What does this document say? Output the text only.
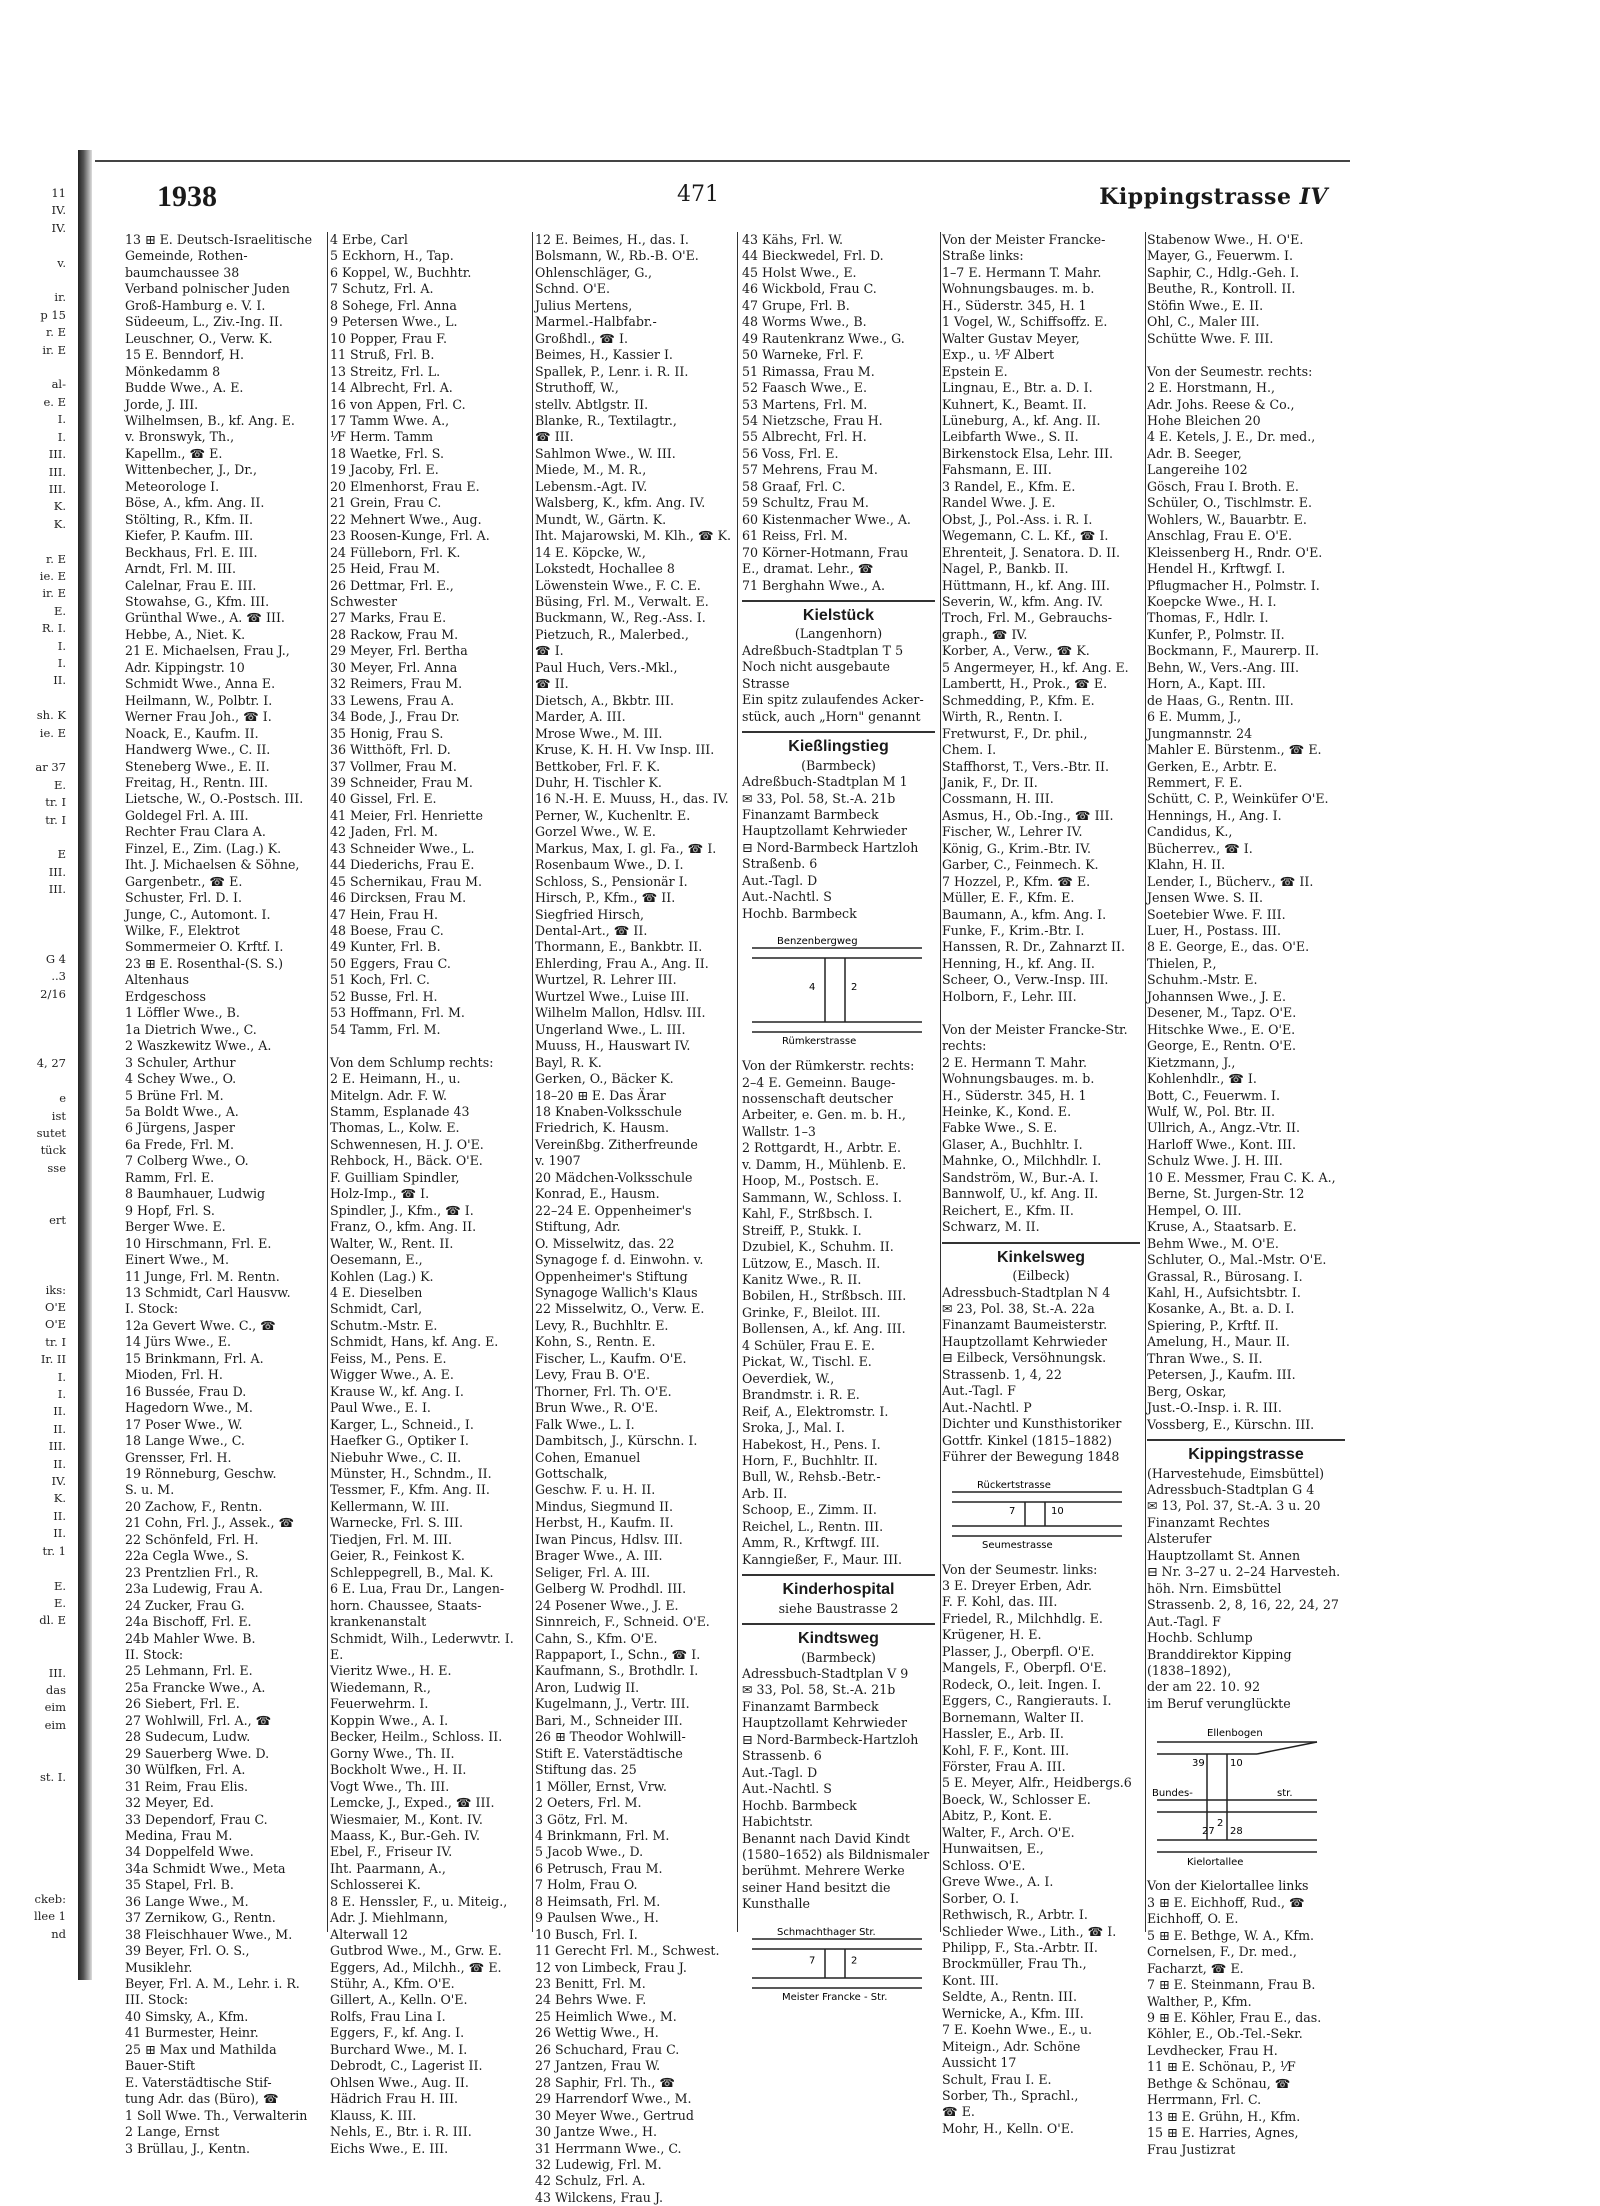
11
IV.
IV.

v.

ir.
p 15
r. E
ir. E

al-
e. E
I.
I.
III.
III.
III.
K.
K.

r. E
ie. E
ir. E
E.
R. I.
I.
I.
II.

sh. K
ie. E

ar 37
E.
tr. I
tr. I

E
III.
III.

G 4
..3
2/16

4, 27

e
ist
sutet
tück
sse

ert

iks:
O'E
O'E
tr. I
Ir. II
I.
I.
II.
II.
III.
II.
IV.
K.
II.
II.
tr. 1

E.
E.
dl. E

III.
das
eim
eim

st. I.

ckeb:
llee 1
nd
1938	471	Kippingstrasse IV
13 ⊞ E. Deutsch-Israelitische
Gemeinde, Rothen-
baumchaussee 38
Verband polnischer Juden
Groß-Hamburg e. V. I.
Südeeum, L., Ziv.-Ing. II.
Leuschner, O., Verw. K.
15 E. Benndorf, H.
Mönkedamm 8
Budde Wwe., A. E.
Jorde, J. III.
Wilhelmsen, B., kf. Ang. E.
v. Bronswyk, Th.,
Kapellm., ☎ E.
Wittenbecher, J., Dr.,
Meteorologe I.
Böse, A., kfm. Ang. II.
Stölting, R., Kfm. II.
Kiefer, P. Kaufm. III.
Beckhaus, Frl. E. III.
Arndt, Frl. M. III.
Calelnar, Frau E. III.
Stowahse, G., Kfm. III.
Grünthal Wwe., A. ☎ III.
Hebbe, A., Niet. K.
21 E. Michaelsen, Frau J.,
Adr. Kippingstr. 10
Schmidt Wwe., Anna E.
Heilmann, W., Polbtr. I.
Werner Frau Joh., ☎ I.
Noack, E., Kaufm. II.
Handwerg Wwe., C. II.
Steneberg Wwe., E. II.
Freitag, H., Rentn. III.
Lietsche, W., O.-Postsch. III.
Goldegel Frl. A. III.
Rechter Frau Clara A.
Finzel, E., Zim. (Lag.) K.
Iht. J. Michaelsen & Söhne,
Gargenbetr., ☎ E.
Schuster, Frl. D. I.
Junge, C., Automont. I.
Wilke, F., Elektrot
Sommermeier O. Krftf. I.
23 ⊞ E. Rosenthal-(S. S.)
Altenhaus
Erdgeschoss
1 Löffler Wwe., B.
1a Dietrich Wwe., C.
2 Waszkewitz Wwe., A.
3 Schuler, Arthur
4 Schey Wwe., O.
5 Brüne Frl. M.
5a Boldt Wwe., A.
6 Jürgens, Jasper
6a Frede, Frl. M.
7 Colberg Wwe., O.
Ramm, Frl. E.
8 Baumhauer, Ludwig
9 Hopf, Frl. S.
Berger Wwe. E.
10 Hirschmann, Frl. E.
Einert Wwe., M.
11 Junge, Frl. M. Rentn.
13 Schmidt, Carl Hausvw.
I. Stock:
12a Gevert Wwe. C., ☎
14 Jürs Wwe., E.
15 Brinkmann, Frl. A.
Mioden, Frl. H.
16 Bussée, Frau D.
Hagedorn Wwe., M.
17 Poser Wwe., W.
18 Lange Wwe., C.
Grensser, Frl. H.
19 Rönneburg, Geschw.
S. u. M.
20 Zachow, F., Rentn.
21 Cohn, Frl. J., Assek., ☎
22 Schönfeld, Frl. H.
22a Cegla Wwe., S.
23 Prentzlien Frl., R.
23a Ludewig, Frau A.
24 Zucker, Frau G.
24a Bischoff, Frl. E.
24b Mahler Wwe. B.
II. Stock:
25 Lehmann, Frl. E.
25a Francke Wwe., A.
26 Siebert, Frl. E.
27 Wohlwill, Frl. A., ☎
28 Sudecum, Ludw.
29 Sauerberg Wwe. D.
30 Wülfken, Frl. A.
31 Reim, Frau Elis.
32 Meyer, Ed.
33 Dependorf, Frau C.
Medina, Frau M.
34 Doppelfeld Wwe.
34a Schmidt Wwe., Meta
35 Stapel, Frl. B.
36 Lange Wwe., M.
37 Zernikow, G., Rentn.
38 Fleischhauer Wwe., M.
39 Beyer, Frl. O. S.,
Musiklehr.
Beyer, Frl. A. M., Lehr. i. R.
III. Stock:
40 Simsky, A., Kfm.
41 Burmester, Heinr.
25 ⊞ Max und Mathilda
Bauer-Stift
E. Vaterstädtische Stif-
tung Adr. das (Büro), ☎
1 Soll Wwe. Th., Verwalterin
2 Lange, Ernst
3 Brüllau, J., Kentn.
4 Erbe, Carl
5 Eckhorn, H., Tap.
6 Koppel, W., Buchhtr.
7 Schutz, Frl. A.
8 Sohege, Frl. Anna
9 Petersen Wwe., L.
10 Popper, Frau F.
11 Struß, Frl. B.
13 Streitz, Frl. L.
14 Albrecht, Frl. A.
16 von Appen, Frl. C.
17 Tamm Wwe. A.,
⅟F Herm. Tamm
18 Waetke, Frl. S.
19 Jacoby, Frl. E.
20 Elmenhorst, Frau E.
21 Grein, Frau C.
22 Mehnert Wwe., Aug.
23 Roosen-Kunge, Frl. A.
24 Fülleborn, Frl. K.
25 Heid, Frau M.
26 Dettmar, Frl. E.,
Schwester
27 Marks, Frau E.
28 Rackow, Frau M.
29 Meyer, Frl. Bertha
30 Meyer, Frl. Anna
32 Reimers, Frau M.
33 Lewens, Frau A.
34 Bode, J., Frau Dr.
35 Honig, Frau S.
36 Witthöft, Frl. D.
37 Vollmer, Frau M.
39 Schneider, Frau M.
40 Gissel, Frl. E.
41 Meier, Frl. Henriette
42 Jaden, Frl. M.
43 Schneider Wwe., L.
44 Diederichs, Frau E.
45 Schernikau, Frau M.
46 Dircksen, Frau M.
47 Hein, Frau H.
48 Boese, Frau C.
49 Kunter, Frl. B.
50 Eggers, Frau C.
51 Koch, Frl. C.
52 Busse, Frl. H.
53 Hoffmann, Frl. M.
54 Tamm, Frl. M.

Von dem Schlump rechts:
2 E. Heimann, H., u.
Mitelgn. Adr. F. W.
Stamm, Esplanade 43
Thomas, L., Kolw. E.
Schwennesen, H. J. O'E.
Rehbock, H., Bäck. O'E.
F. Guilliam Spindler,
Holz-Imp., ☎ I.
Spindler, J., Kfm., ☎ I.
Franz, O., kfm. Ang. II.
Walter, W., Rent. II.
Oesemann, E.,
Kohlen (Lag.) K.
4 E. Dieselben
Schmidt, Carl,
Schutm.-Mstr. E.
Schmidt, Hans, kf. Ang. E.
Feiss, M., Pens. E.
Wigger Wwe., A. E.
Krause W., kf. Ang. I.
Paul Wwe., E. I.
Karger, L., Schneid., I.
Haefker G., Optiker I.
Niebuhr Wwe., C. II.
Münster, H., Schndm., II.
Tessmer, F., Kfm. Ang. II.
Kellermann, W. III.
Warnecke, Frl. S. III.
Tiedjen, Frl. M. III.
Geier, R., Feinkost K.
Schleppegrell, B., Mal. K.
6 E. Lua, Frau Dr., Langen-
horn. Chaussee, Staats-
krankenanstalt
Schmidt, Wilh., Lederwvtr. I.
E.
Vieritz Wwe., H. E.
Wiedemann, R.,
Feuerwehrm. I.
Koppin Wwe., A. I.
Becker, Heilm., Schloss. II.
Gorny Wwe., Th. II.
Bockholt Wwe., H. II.
Vogt Wwe., Th. III.
Lemcke, J., Exped., ☎ III.
Wiesmaier, M., Kont. IV.
Maass, K., Bur.-Geh. IV.
Ebel, F., Friseur IV.
Iht. Paarmann, A.,
Schlosserei K.
8 E. Henssler, F., u. Miteig.,
Adr. J. Miehlmann,
Alterwall 12
Gutbrod Wwe., M., Grw. E.
Eggers, Ad., Milchh., ☎ E.
Stühr, A., Kfm. O'E.
Gillert, A., Kelln. O'E.
Rolfs, Frau Lina I.
Eggers, F., kf. Ang. I.
Burchard Wwe., M. I.
Debrodt, C., Lagerist II.
Ohlsen Wwe., Aug. II.
Hädrich Frau H. III.
Klauss, K. III.
Nehls, E., Btr. i. R. III.
Eichs Wwe., E. III.
12 E. Beimes, H., das. I.
Bolsmann, W., Rb.-B. O'E.
Ohlenschläger, G.,
Schnd. O'E.
Julius Mertens,
Marmel.-Halbfabr.-
Großhdl., ☎ I.
Beimes, H., Kassier I.
Spallek, P., Lenr. i. R. II.
Struthoff, W.,
stellv. Abtlgstr. II.
Blanke, R., Textilagtr.,
☎ III.
Sahlmon Wwe., W. III.
Miede, M., M. R.,
Lebensm.-Agt. IV.
Walsberg, K., kfm. Ang. IV.
Mundt, W., Gärtn. K.
Iht. Majarowski, M. Klh., ☎ K.
14 E. Köpcke, W.,
Lokstedt, Hochallee 8
Löwenstein Wwe., F. C. E.
Büsing, Frl. M., Verwalt. E.
Buckmann, W., Reg.-Ass. I.
Pietzuch, R., Malerbed.,
☎ I.
Paul Huch, Vers.-Mkl.,
☎ II.
Dietsch, A., Bkbtr. III.
Marder, A. III.
Mrose Wwe., M. III.
Kruse, K. H. H. Vw Insp. III.
Bettkober, Frl. F. K.
Duhr, H. Tischler K.
16 N.-H. E. Muuss, H., das. IV.
Perner, W., Kuchenltr. E.
Gorzel Wwe., W. E.
Markus, Max, I. gl. Fa., ☎ I.
Rosenbaum Wwe., D. I.
Schloss, S., Pensionär I.
Hirsch, P., Kfm., ☎ II.
Siegfried Hirsch,
Dental-Art., ☎ II.
Thormann, E., Bankbtr. II.
Ehlerding, Frau A., Ang. II.
Wurtzel, R. Lehrer III.
Wurtzel Wwe., Luise III.
Wilhelm Mallon, Hdlsv. III.
Ungerland Wwe., L. III.
Muuss, H., Hauswart IV.
Bayl, R. K.
Gerken, O., Bäcker K.
18–20 ⊞ E. Das Ärar
18 Knaben-Volksschule
Friedrich, K. Hausm.
Vereinßbg. Zitherfreunde
v. 1907
20 Mädchen-Volksschule
Konrad, E., Hausm.
22–24 E. Oppenheimer's
Stiftung, Adr.
O. Misselwitz, das. 22
Synagoge f. d. Einwohn. v.
Oppenheimer's Stiftung
Synagoge Wallich's Klaus
22 Misselwitz, O., Verw. E.
Levy, R., Buchhltr. E.
Kohn, S., Rentn. E.
Fischer, L., Kaufm. O'E.
Levy, Frau B. O'E.
Thorner, Frl. Th. O'E.
Brun Wwe., R. O'E.
Falk Wwe., L. I.
Dambitsch, J., Kürschn. I.
Cohen, Emanuel
Gottschalk,
Geschw. F. u. H. II.
Mindus, Siegmund II.
Herbst, H., Kaufm. II.
Iwan Pincus, Hdlsv. III.
Brager Wwe., A. III.
Seliger, Frl. A. III.
Gelberg W. Prodhdl. III.
24 Posener Wwe., J. E.
Sinnreich, F., Schneid. O'E.
Cahn, S., Kfm. O'E.
Rappaport, I., Schn., ☎ I.
Kaufmann, S., Brothdlr. I.
Aron, Ludwig II.
Kugelmann, J., Vertr. III.
Bari, M., Schneider III.
26 ⊞ Theodor Wohlwill-
Stift E. Vaterstädtische
Stiftung das. 25
1 Möller, Ernst, Vrw.
2 Oeters, Frl. M.
3 Götz, Frl. M.
4 Brinkmann, Frl. M.
5 Jacob Wwe., D.
6 Petrusch, Frau M.
7 Holm, Frau O.
8 Heimsath, Frl. M.
9 Paulsen Wwe., H.
10 Busch, Frl. I.
11 Gerecht Frl. M., Schwest.
12 von Limbeck, Frau J.
23 Benitt, Frl. M.
24 Behrs Wwe. F.
25 Heimlich Wwe., M.
26 Wettig Wwe., H.
26 Schuchard, Frau C.
27 Jantzen, Frau W.
28 Saphir, Frl. Th., ☎
29 Harrendorf Wwe., M.
30 Meyer Wwe., Gertrud
30 Jantze Wwe., H.
31 Herrmann Wwe., C.
32 Ludewig, Frl. M.
42 Schulz, Frl. A.
43 Wilckens, Frau J.
43 Kähs, Frl. W.
44 Bieckwedel, Frl. D.
45 Holst Wwe., E.
46 Wickbold, Frau C.
47 Grupe, Frl. B.
48 Worms Wwe., B.
49 Rautenkranz Wwe., G.
50 Warneke, Frl. F.
51 Rimassa, Frau M.
52 Faasch Wwe., E.
53 Martens, Frl. M.
54 Nietzsche, Frau H.
55 Albrecht, Frl. H.
56 Voss, Frl. E.
57 Mehrens, Frau M.
58 Graaf, Frl. C.
59 Schultz, Frau M.
60 Kistenmacher Wwe., A.
61 Reiss, Frl. M.
70 Körner-Hotmann, Frau
E., dramat. Lehr., ☎
71 Berghahn Wwe., A.
Kielstück
(Langenhorn)
Adreßbuch-Stadtplan T 5
Noch nicht ausgebaute
Strasse
Ein spitz zulaufendes Acker-
stück, auch „Horn" genannt
Kießlingstieg
(Barmbeck)
Adreßbuch-Stadtplan M 1
✉ 33, Pol. 58, St.-A. 21b
Finanzamt Barmbeck
Hauptzollamt Kehrwieder
⊟ Nord-Barmbeck Hartzloh
Straßenb. 6
Aut.-Tagl. D
Aut.-Nachtl. S
Hochb. Barmbeck
Benzenbergweg
4	2
Rümkerstrasse
Von der Rümkerstr. rechts:
2–4 E. Gemeinn. Bauge-
nossenschaft deutscher
Arbeiter, e. Gen. m. b. H.,
Wallstr. 1–3
2 Rottgardt, H., Arbtr. E.
v. Damm, H., Mühlenb. E.
Hoop, M., Postsch. E.
Sammann, W., Schloss. I.
Kahl, F., Strßbsch. I.
Streiff, P., Stukk. I.
Dzubiel, K., Schuhm. II.
Lützow, E., Masch. II.
Kanitz Wwe., R. II.
Bobilen, H., Strßbsch. III.
Grinke, F., Bleilot. III.
Bollensen, A., kf. Ang. III.
4 Schüler, Frau E. E.
Pickat, W., Tischl. E.
Oeverdiek, W.,
Brandmstr. i. R. E.
Reif, A., Elektromstr. I.
Sroka, J., Mal. I.
Habekost, H., Pens. I.
Horn, F., Buchhltr. II.
Bull, W., Rehsb.-Betr.-
Arb. II.
Schoop, E., Zimm. II.
Reichel, L., Rentn. III.
Amm, R., Krftwgf. III.
Kanngießer, F., Maur. III.
Kinderhospital
siehe Baustrasse 2
Kindtsweg
(Barmbeck)
Adressbuch-Stadtplan V 9
✉ 33, Pol. 58, St.-A. 21b
Finanzamt Barmbeck
Hauptzollamt Kehrwieder
⊟ Nord-Barmbeck-Hartzloh
Strassenb. 6
Aut.-Tagl. D
Aut.-Nachtl. S
Hochb. Barmbeck
Habichtstr.
Benannt nach David Kindt
(1580–1652) als Bildnismaler
berühmt. Mehrere Werke
seiner Hand besitzt die
Kunsthalle
Schmachthager Str.
7	2
Meister Francke - Str.
Von der Meister Francke-
Straße links:
1–7 E. Hermann T. Mahr.
Wohnungsbauges. m. b.
H., Süderstr. 345, H. 1
1 Vogel, W., Schiffsoffz. E.
Walter Gustav Meyer,
Exp., u. ⅟F Albert
Epstein E.
Lingnau, E., Btr. a. D. I.
Kuhnert, K., Beamt. II.
Lüneburg, A., kf. Ang. II.
Leibfarth Wwe., S. II.
Birkenstock Elsa, Lehr. III.
Fahsmann, E. III.
3 Randel, E., Kfm. E.
Randel Wwe. J. E.
Obst, J., Pol.-Ass. i. R. I.
Wegemann, C. L. Kf., ☎ I.
Ehrenteit, J. Senatora. D. II.
Nagel, P., Bankb. II.
Hüttmann, H., kf. Ang. III.
Severin, W., kfm. Ang. IV.
Troch, Frl. M., Gebrauchs-
graph., ☎ IV.
Korber, A., Verw., ☎ K.
5 Angermeyer, H., kf. Ang. E.
Lambertt, H., Prok., ☎ E.
Schmedding, P., Kfm. E.
Wirth, R., Rentn. I.
Fretwurst, F., Dr. phil.,
Chem. I.
Staffhorst, T., Vers.-Btr. II.
Janik, F., Dr. II.
Cossmann, H. III.
Asmus, H., Ob.-Ing., ☎ III.
Fischer, W., Lehrer IV.
König, G., Krim.-Btr. IV.
Garber, C., Feinmech. K.
7 Hozzel, P., Kfm. ☎ E.
Müller, E. F., Kfm. E.
Baumann, A., kfm. Ang. I.
Funke, F., Krim.-Btr. I.
Hanssen, R. Dr., Zahnarzt II.
Henning, H., kf. Ang. II.
Scheer, O., Verw.-Insp. III.
Holborn, F., Lehr. III.

Von der Meister Francke-Str.
rechts:
2 E. Hermann T. Mahr.
Wohnungsbauges. m. b.
H., Süderstr. 345, H. 1
Heinke, K., Kond. E.
Fabke Wwe., S. E.
Glaser, A., Buchhltr. I.
Mahnke, O., Milchhdlr. I.
Sandström, W., Bur.-A. I.
Bannwolf, U., kf. Ang. II.
Reichert, E., Kfm. II.
Schwarz, M. II.
Kinkelsweg
(Eilbeck)
Adressbuch-Stadtplan N 4
✉ 23, Pol. 38, St.-A. 22a
Finanzamt Baumeisterstr.
Hauptzollamt Kehrwieder
⊟ Eilbeck, Versöhnungsk.
Strassenb. 1, 4, 22
Aut.-Tagl. F
Aut.-Nachtl. P
Dichter und Kunsthistoriker
Gottfr. Kinkel (1815–1882)
Führer der Bewegung 1848
Rückertstrasse
7	10
Seumestrasse
Von der Seumestr. links:
3 E. Dreyer Erben, Adr.
F. F. Kohl, das. III.
Friedel, R., Milchhdlg. E.
Krügener, H. E.
Plasser, J., Oberpfl. O'E.
Mangels, F., Oberpfl. O'E.
Rodeck, O., leit. Ingen. I.
Eggers, C., Rangierauts. I.
Bornemann, Walter II.
Hassler, E., Arb. II.
Kohl, F. F., Kont. III.
Förster, Frau A. III.
5 E. Meyer, Alfr., Heidbergs.6
Boeck, W., Schlosser E.
Abitz, P., Kont. E.
Walter, F., Arch. O'E.
Hunwaitsen, E.,
Schloss. O'E.
Greve Wwe., A. I.
Sorber, O. I.
Rethwisch, R., Arbtr. I.
Schlieder Wwe., Lith., ☎ I.
Philipp, F., Sta.-Arbtr. II.
Brockmüller, Frau Th.,
Kont. III.
Seldte, A., Rentn. III.
Wernicke, A., Kfm. III.
7 E. Koehn Wwe., E., u.
Miteign., Adr. Schöne
Aussicht 17
Schult, Frau I. E.
Sorber, Th., Sprachl.,
☎ E.
Mohr, H., Kelln. O'E.
Stabenow Wwe., H. O'E.
Mayer, G., Feuerwm. I.
Saphir, C., Hdlg.-Geh. I.
Beuthe, R., Kontroll. II.
Stöfin Wwe., E. II.
Ohl, C., Maler III.
Schütte Wwe. F. III.

Von der Seumestr. rechts:
2 E. Horstmann, H.,
Adr. Johs. Reese & Co.,
Hohe Bleichen 20
4 E. Ketels, J. E., Dr. med.,
Adr. B. Seeger,
Langereihe 102
Gösch, Frau I. Broth. E.
Schüler, O., Tischlmstr. E.
Wohlers, W., Bauarbtr. E.
Anschlag, Frau E. O'E.
Kleissenberg H., Rndr. O'E.
Hendel H., Krftwgf. I.
Pflugmacher H., Polmstr. I.
Koepcke Wwe., H. I.
Thomas, F., Hdlr. I.
Kunfer, P., Polmstr. II.
Bockmann, F., Maurerp. II.
Behn, W., Vers.-Ang. III.
Horn, A., Kapt. III.
de Haas, G., Rentn. III.
6 E. Mumm, J.,
Jungmannstr. 24
Mahler E. Bürstenm., ☎ E.
Gerken, E., Arbtr. E.
Remmert, F. E.
Schütt, C. P., Weinküfer O'E.
Hennings, H., Ang. I.
Candidus, K.,
Bücherrev., ☎ I.
Klahn, H. II.
Lender, I., Bücherv., ☎ II.
Jensen Wwe. S. II.
Soetebier Wwe. F. III.
Luer, H., Postass. III.
8 E. George, E., das. O'E.
Thielen, P.,
Schuhm.-Mstr. E.
Johannsen Wwe., J. E.
Desener, M., Tapz. O'E.
Hitschke Wwe., E. O'E.
George, E., Rentn. O'E.
Kietzmann, J.,
Kohlenhdlr., ☎ I.
Bott, C., Feuerwm. I.
Wulf, W., Pol. Btr. II.
Ullrich, A., Angz.-Vtr. II.
Harloff Wwe., Kont. III.
Schulz Wwe. J. H. III.
10 E. Messmer, Frau C. K. A.,
Berne, St. Jurgen-Str. 12
Hempel, O. III.
Kruse, A., Staatsarb. E.
Behm Wwe., M. O'E.
Schluter, O., Mal.-Mstr. O'E.
Grassal, R., Bürosang. I.
Kahl, H., Aufsichtsbtr. I.
Kosanke, A., Bt. a. D. I.
Spiering, P., Krftf. II.
Amelung, H., Maur. II.
Thran Wwe., S. II.
Petersen, J., Kaufm. III.
Berg, Oskar,
Just.-O.-Insp. i. R. III.
Vossberg, E., Kürschn. III.
Kippingstrasse
(Harvestehude, Eimsbüttel)
Adressbuch-Stadtplan G 4
✉ 13, Pol. 37, St.-A. 3 u. 20
Finanzamt Rechtes
Alsterufer
Hauptzollamt St. Annen
⊟ Nr. 3–27 u. 2–24 Harvesteh.
höh. Nrn. Eimsbüttel
Strassenb. 2, 8, 16, 22, 24, 27
Aut.-Tagl. F
Hochb. Schlump
Branddirektor Kipping
(1838–1892),
der am 22. 10. 92
im Beruf verunglückte
Ellenbogen
39	10
Bundes-	str.
27 28
2
Kielortallee
Von der Kielortallee links
3 ⊞ E. Eichhoff, Rud., ☎
Eichhoff, O. E.
5 ⊞ E. Bethge, W. A., Kfm.
Cornelsen, F., Dr. med.,
Facharzt, ☎ E.
7 ⊞ E. Steinmann, Frau B.
Walther, P., Kfm.
9 ⊞ E. Köhler, Frau E., das.
Köhler, E., Ob.-Tel.-Sekr.
Levdhecker, Frau H.
11 ⊞ E. Schönau, P., ⅟F
Bethge & Schönau, ☎
Herrmann, Frl. C.
13 ⊞ E. Grühn, H., Kfm.
15 ⊞ E. Harries, Agnes,
Frau Justizrat
